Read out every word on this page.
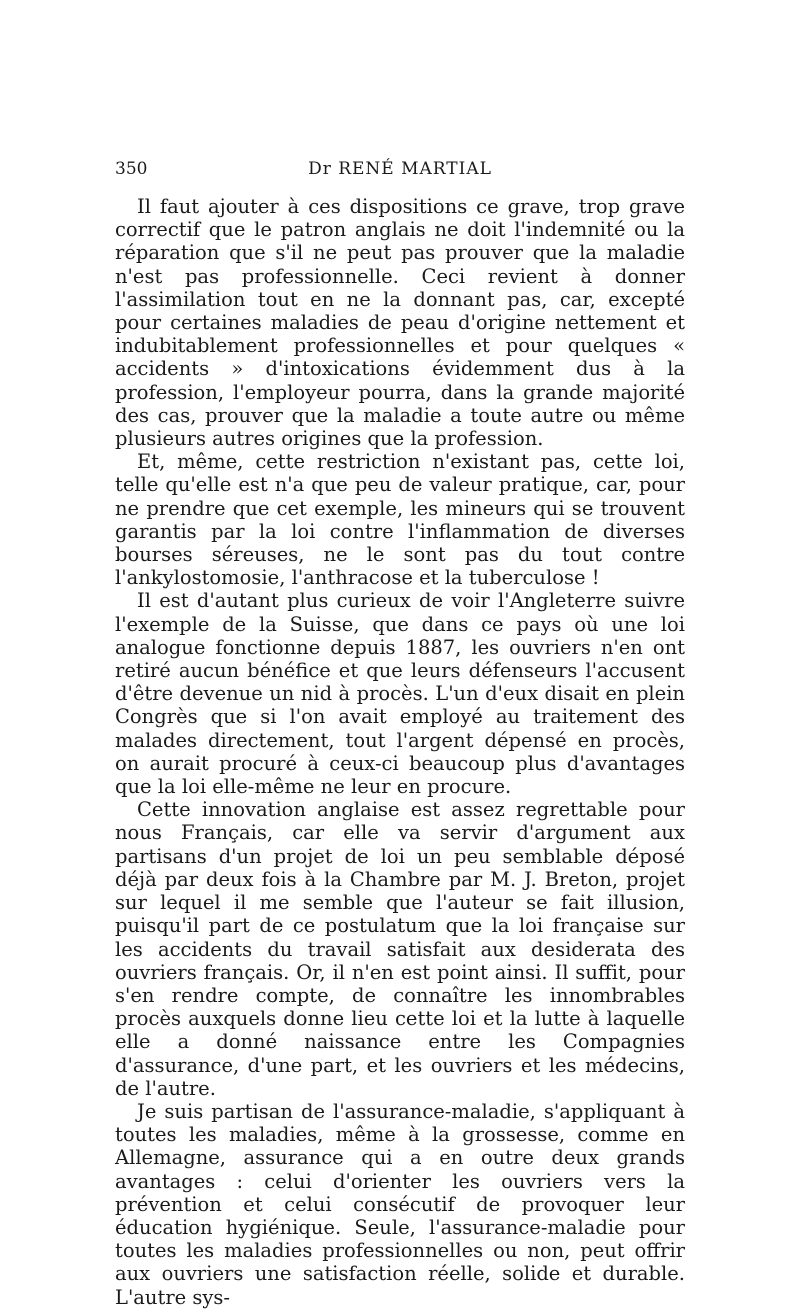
350	Dr RENÉ MARTIAL

Il faut ajouter à ces dispositions ce grave, trop grave correctif que le patron anglais ne doit l'indemnité ou la réparation que s'il ne peut pas prouver que la maladie n'est pas professionnelle. Ceci revient à donner l'assimilation tout en ne la donnant pas, car, excepté pour certaines maladies de peau d'origine nettement et indubitablement professionnelles et pour quelques « accidents » d'intoxications évidemment dus à la profession, l'employeur pourra, dans la grande majorité des cas, prouver que la maladie a toute autre ou même plusieurs autres origines que la profession.

Et, même, cette restriction n'existant pas, cette loi, telle qu'elle est n'a que peu de valeur pratique, car, pour ne prendre que cet exemple, les mineurs qui se trouvent garantis par la loi contre l'inflammation de diverses bourses séreuses, ne le sont pas du tout contre l'ankylostomosie, l'anthracose et la tuberculose !

Il est d'autant plus curieux de voir l'Angleterre suivre l'exemple de la Suisse, que dans ce pays où une loi analogue fonctionne depuis 1887, les ouvriers n'en ont retiré aucun bénéfice et que leurs défenseurs l'accusent d'être devenue un nid à procès. L'un d'eux disait en plein Congrès que si l'on avait employé au traitement des malades directement, tout l'argent dépensé en procès, on aurait procuré à ceux-ci beaucoup plus d'avantages que la loi elle-même ne leur en procure.

Cette innovation anglaise est assez regrettable pour nous Français, car elle va servir d'argument aux partisans d'un projet de loi un peu semblable déposé déjà par deux fois à la Chambre par M. J. Breton, projet sur lequel il me semble que l'auteur se fait illusion, puisqu'il part de ce postulatum que la loi française sur les accidents du travail satisfait aux desiderata des ouvriers français. Or, il n'en est point ainsi. Il suffit, pour s'en rendre compte, de connaître les innombrables procès auxquels donne lieu cette loi et la lutte à laquelle elle a donné naissance entre les Compagnies d'assurance, d'une part, et les ouvriers et les médecins, de l'autre.

Je suis partisan de l'assurance-maladie, s'appliquant à toutes les maladies, même à la grossesse, comme en Allemagne, assurance qui a en outre deux grands avantages : celui d'orienter les ouvriers vers la prévention et celui consécutif de provoquer leur éducation hygiénique. Seule, l'assurance-maladie pour toutes les maladies professionnelles ou non, peut offrir aux ouvriers une satisfaction réelle, solide et durable. L'autre sys-
